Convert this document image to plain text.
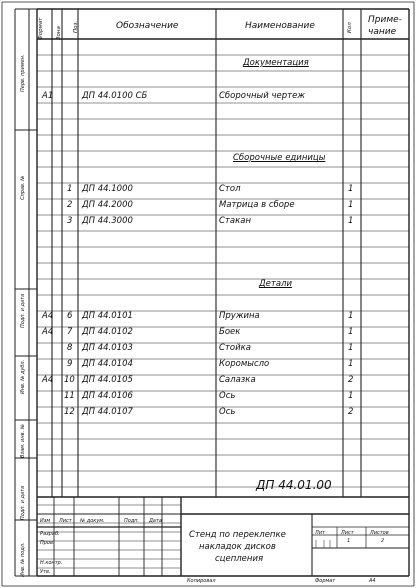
Формат Зона Поз.	Обозначение	Наименование	Кол
Приме-
чание
Перв. примен.
Справ. №
Подп. и дата
Инв. № дубл.
Взам. инв. №
Подп. и дата
Инв. № подл.
Документация
Сборочные единицы
Детали
А1	ДП 44.0100 СБ	Сборочный чертеж
1 ДП 44.1000	Стол	1
2 ДП 44.2000	Матрица в сборе	1
3 ДП 44.3000	Стакан	1
А4 6 ДП 44.0101	Пружина	1
А4 7 ДП 44.0102	Боек	1
8 ДП 44.0103	Стойка	1
9 ДП 44.0104	Коромысло	1
А4 10 ДП 44.0105	Салазка	2
11 ДП 44.0106	Ось	1
12 ДП 44.0107	Ось	2
ДП 44.01.00
Стенд по переклепке
накладок дисков
сцепления
Изм Лист № докум.	Подп. Дата
Разраб.
Пров.
Н.контр.
Утв.
Лит	Лист	Листов
1	2
Копировал	Формат	А4
